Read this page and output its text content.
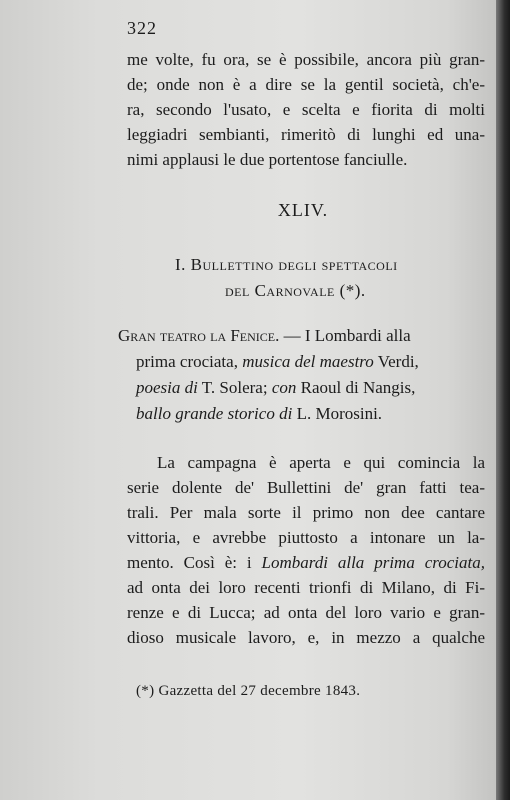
322
me volte, fu ora, se è possibile, ancora più gran-
de; onde non è a dire se la gentil società, ch'e-
ra, secondo l'usato, e scelta e fiorita di molti
leggiadri sembianti, rimeritò di lunghi ed una-
nimi applausi le due portentose fanciulle.
XLIV.
I. Bullettino degli spettacoli
del Carnovale (*).
Gran teatro la Fenice. — I Lombardi alla
prima crociata, musica del maestro Verdi,
poesia di T. Solera; con Raoul di Nangis,
ballo grande storico di L. Morosini.
La campagna è aperta e qui comincia la
serie dolente de' Bullettini de' gran fatti tea-
trali. Per mala sorte il primo non dee cantare
vittoria, e avrebbe piuttosto a intonare un la-
mento. Così è: i Lombardi alla prima crociata,
ad onta dei loro recenti trionfi di Milano, di Fi-
renze e di Lucca; ad onta del loro vario e gran-
dioso musicale lavoro, e, in mezzo a qualche
(*) Gazzetta del 27 decembre 1843.
